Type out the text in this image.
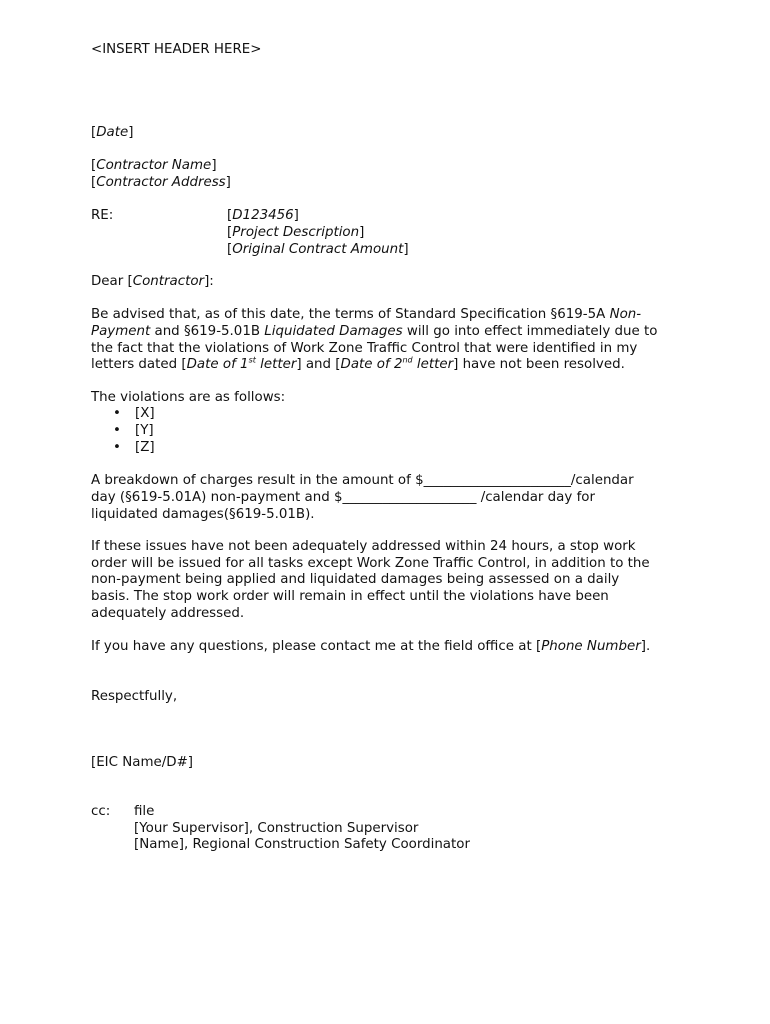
<INSERT HEADER HERE>
[Date]
[Contractor Name]
[Contractor Address]
RE:	[D123456]
[Project Description]
[Original Contract Amount]
Dear [Contractor]:
Be advised that, as of this date, the terms of Standard Specification §619-5A Non-
Payment and §619-5.01B Liquidated Damages will go into effect immediately due to
the fact that the violations of Work Zone Traffic Control that were identified in my
letters dated [Date of 1st letter] and [Date of 2nd letter] have not been resolved.
The violations are as follows:
• [X]
• [Y]
• [Z]
A breakdown of charges result in the amount of $______________________/calendar
day (§619-5.01A) non-payment and $____________________ /calendar day for
liquidated damages(§619-5.01B).
If these issues have not been adequately addressed within 24 hours, a stop work
order will be issued for all tasks except Work Zone Traffic Control, in addition to the
non-payment being applied and liquidated damages being assessed on a daily
basis. The stop work order will remain in effect until the violations have been
adequately addressed.
If you have any questions, please contact me at the field office at [Phone Number].
Respectfully,
[EIC Name/D#]
cc: file
[Your Supervisor], Construction Supervisor
[Name], Regional Construction Safety Coordinator
